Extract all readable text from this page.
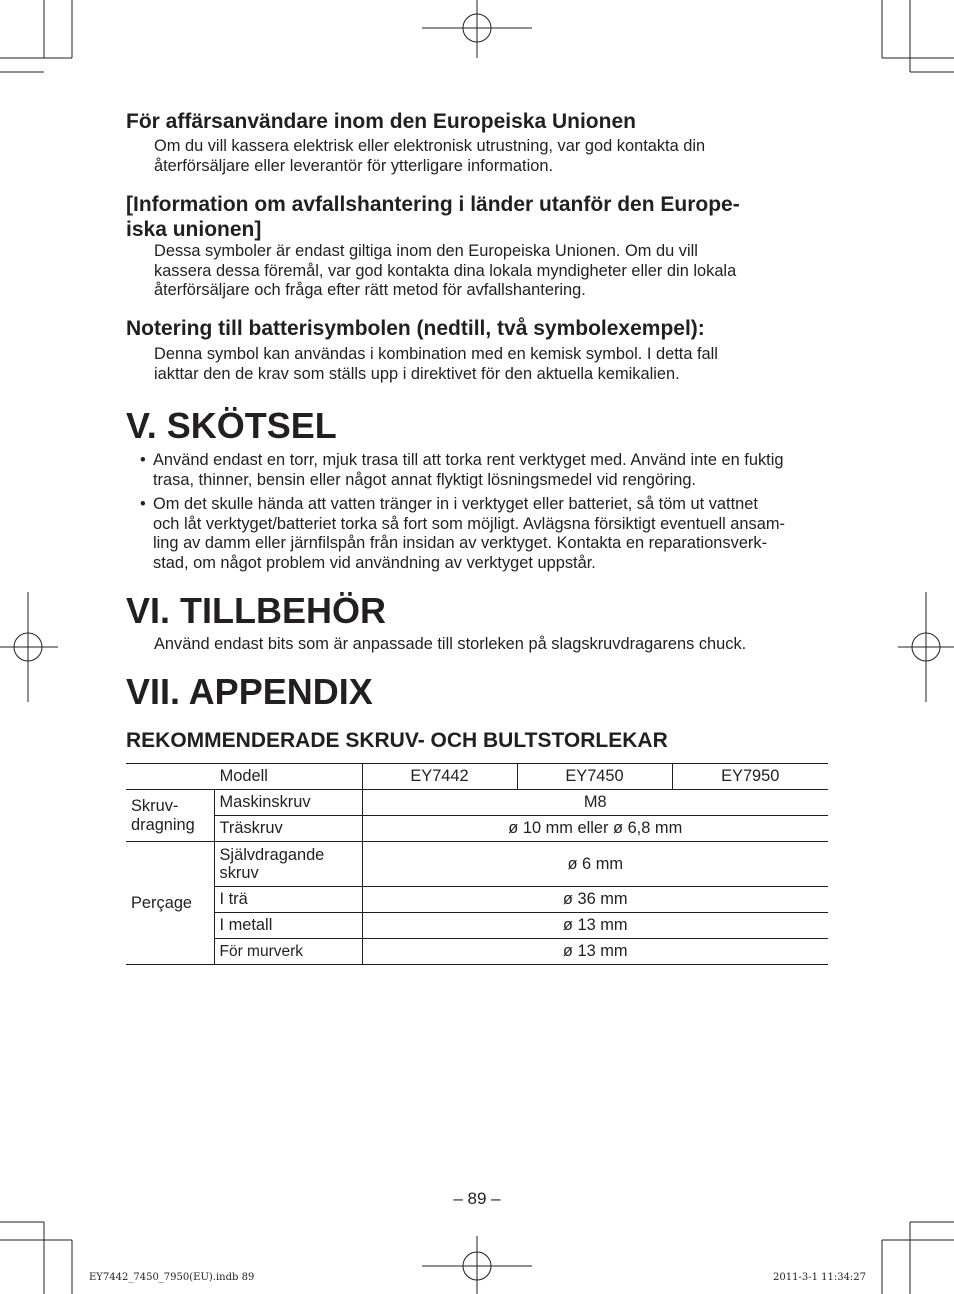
För affärsanvändare inom den Europeiska Unionen
Om du vill kassera elektrisk eller elektronisk utrustning, var god kontakta din
återförsäljare eller leverantör för ytterligare information.
[Information om avfallshantering i länder utanför den Europe-
iska unionen]
Dessa symboler är endast giltiga inom den Europeiska Unionen. Om du vill
kassera dessa föremål, var god kontakta dina lokala myndigheter eller din lokala
återförsäljare och fråga efter rätt metod för avfallshantering.
Notering till batterisymbolen (nedtill, två symbolexempel):
Denna symbol kan användas i kombination med en kemisk symbol. I detta fall
iakttar den de krav som ställs upp i direktivet för den aktuella kemikalien.
V. SKÖTSEL
• Använd endast en torr, mjuk trasa till att torka rent verktyget med. Använd inte en fuktig
trasa, thinner, bensin eller något annat flyktigt lösningsmedel vid rengöring.
• Om det skulle hända att vatten tränger in i verktyget eller batteriet, så töm ut vattnet
och låt verktyget/batteriet torka så fort som möjligt. Avlägsna försiktigt eventuell ansam-
ling av damm eller järnfilspån från insidan av verktyget. Kontakta en reparationsverk-
stad, om något problem vid användning av verktyget uppstår.
VI. TILLBEHÖR
Använd endast bits som är anpassade till storleken på slagskruvdragarens chuck.
VII. APPENDIX
REKOMMENDERADE SKRUV- OCH BULTSTORLEKAR
Modell		EY7442	EY7450	EY7950

Skruv-
dragning	Maskinskruv	M8		
	Träskruv	ø 10 mm eller ø 6,8 mm		
Perçage	Självdragande
skruv	ø 6 mm		
	I trä	ø 36 mm		
	I metall	ø 13 mm		
	För murverk	ø 13 mm		
– 89 –
EY7442_7450_7950(EU).indb 89	2011-3-1 11:34:27
